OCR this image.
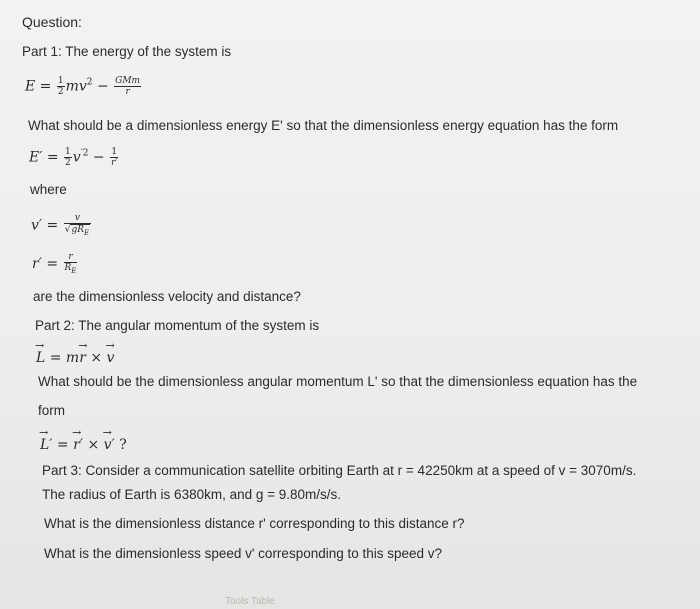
Question:
Part 1: The energy of the system is
$E = \frac{1}{2} mv^2 - \frac{\text{GMm}}{r}$
What should be a dimensionless energy E' so that the dimensionless energy equation has the form
$E' = \frac{1}{2} v^{'2} - \frac{1}{r'}$
where
$v' = \frac{v}{√gR_E}$
$r' = \frac{r}{R_E}$
are the dimensionless velocity and distance?
Part 2: The angular momentum of the system is
→ L = m→ r × → v
What should be the dimensionless angular momentum L' so that the dimensionless equation has the
form
→ L′ = → r′ × → v′ ?
Part 3: Consider a communication satellite orbiting Earth at r = 42250km at a speed of v = 3070m/s.
The radius of Earth is 6380km, and g = 9.80m/s/s.
What is the dimensionless distance r' corresponding to this distance r?
What is the dimensionless speed v' corresponding to this speed v?
Tools Table
